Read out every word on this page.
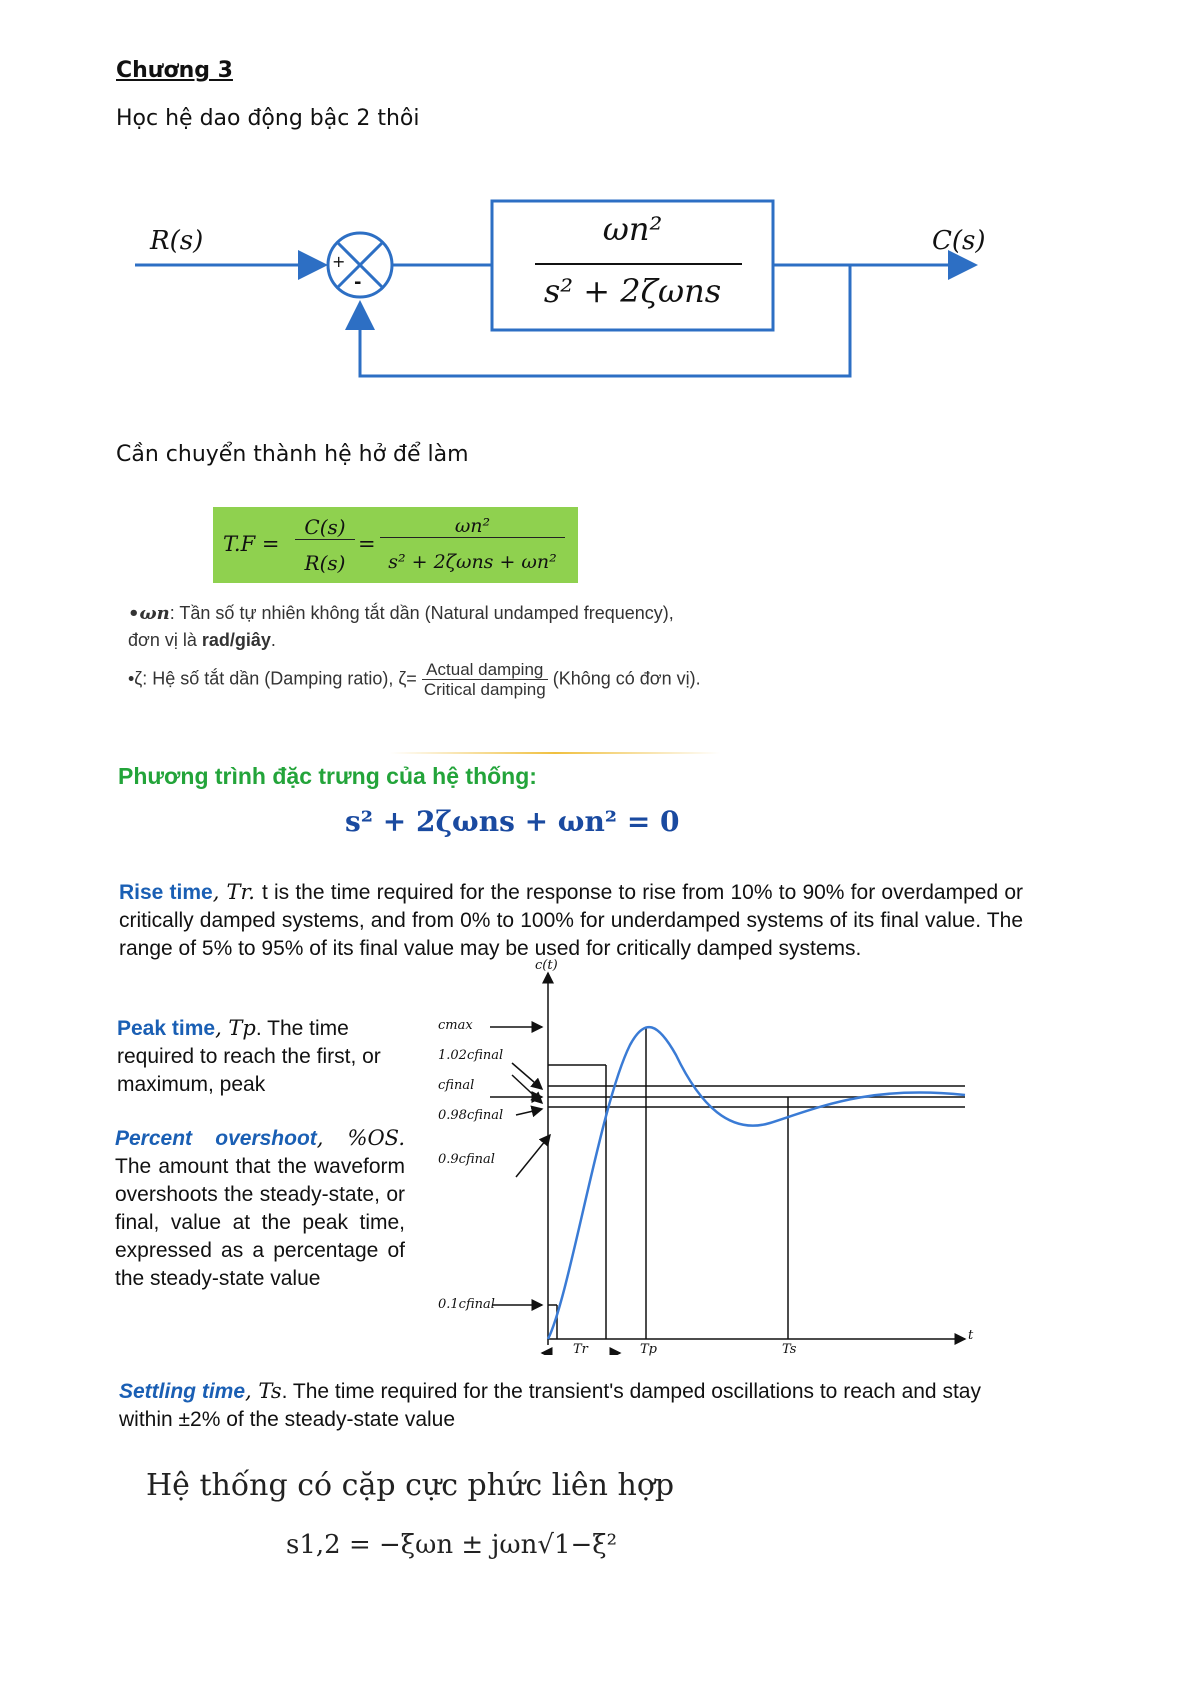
Chương 3
Học hệ dao động bậc 2 thôi
R(s)	C(s)
+
-
ωn²
s² + 2ζωns
Cần chuyển thành hệ hở để làm
T.F =
C(s)
R(s)
=
ωn²
s² + 2ζωns + ωn²
•ωn: Tần số tự nhiên không tắt dần (Natural undamped frequency), đơn vị là rad/giây.
•ζ: Hệ số tắt dần (Damping ratio), $\zeta= \frac{\text{Actual damping}}{\text{Critical damping}}$ (Không có đơn vị).
Phương trình đặc trưng của hệ thống:
s² + 2ζωns + ωn² = 0
Rise time, Tr. t is the time required for the response to rise from 10% to 90% for overdamped or critically damped systems, and from 0% to 100% for underdamped systems of its final value. The range of 5% to 95% of its final value may be used for critically damped systems.
Peak time, Tp. The time required to reach the first, or maximum, peak
Percent overshoot, %OS. The amount that the waveform overshoots the steady-state, or final, value at the peak time, expressed as a percentage of the steady-state value
c(t)
t
cmax
1.02cfinal
cfinal
0.98cfinal
0.9cfinal
0.1cfinal
Tr	Tp	Ts
Settling time, Ts. The time required for the transient's damped oscillations to reach and stay within ±2% of the steady-state value
Hệ thống có cặp cực phức liên hợp
s1,2 = −ξωn ± jωn√1−ξ²
